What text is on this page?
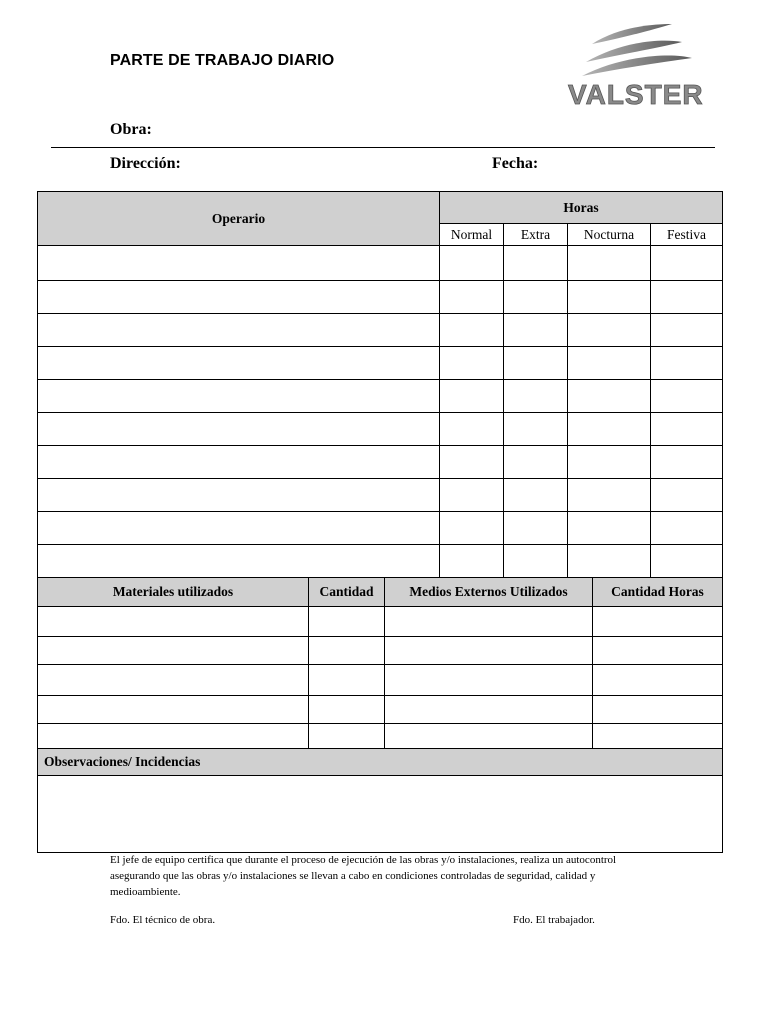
PARTE DE TRABAJO DIARIO
VALSTER
Obra:
Dirección:	Fecha:
Operario	Horas			
	Normal	Extra	Nocturna	Festiva

Materiales utilizados	Cantidad	Medios Externos Utilizados	Cantidad Horas

Observaciones/ Incidencias

El jefe de equipo certifica que durante el proceso de ejecución de las obras y/o instalaciones, realiza un autocontrol asegurando que las obras y/o instalaciones se llevan a cabo en condiciones controladas de seguridad, calidad y medioambiente.
Fdo. El técnico de obra.	Fdo. El trabajador.
